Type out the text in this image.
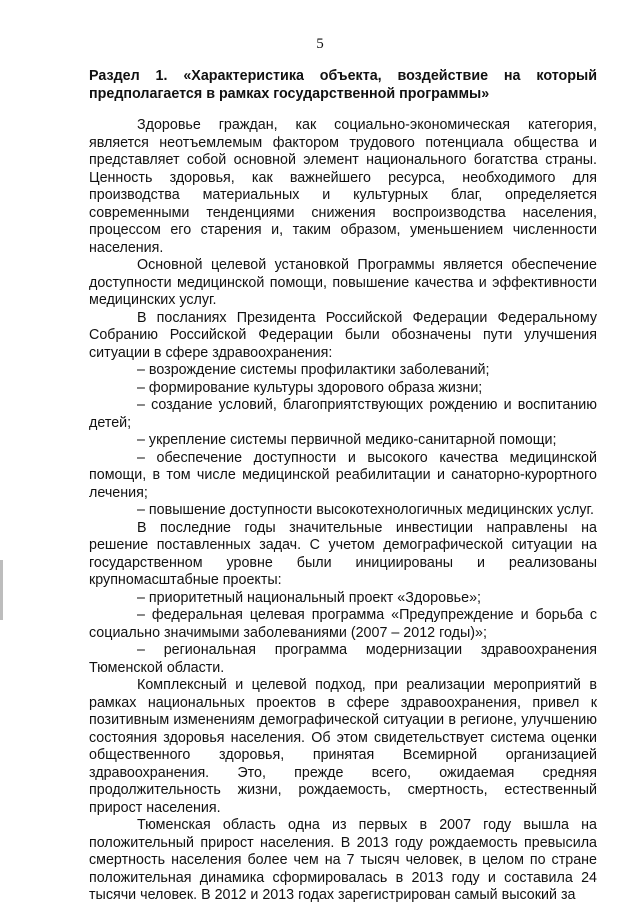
5
Раздел 1. «Характеристика объекта, воздействие на который предполагается в рамках государственной программы»

Здоровье граждан, как социально-экономическая категория, является неотъемлемым фактором трудового потенциала общества и представляет собой основной элемент национального богатства страны. Ценность здоровья, как важнейшего ресурса, необходимого для производства материальных и культурных благ, определяется современными тенденциями снижения воспроизводства населения, процессом его старения и, таким образом, уменьшением численности населения.

Основной целевой установкой Программы является обеспечение доступности медицинской помощи, повышение качества и эффективности медицинских услуг.

В посланиях Президента Российской Федерации Федеральному Собранию Российской Федерации были обозначены пути улучшения ситуации в сфере здравоохранения:

– возрождение системы профилактики заболеваний;

– формирование культуры здорового образа жизни;

– создание условий, благоприятствующих рождению и воспитанию детей;

– укрепление системы первичной медико-санитарной помощи;

– обеспечение доступности и высокого качества медицинской помощи, в том числе медицинской реабилитации и санаторно-курортного лечения;

– повышение доступности высокотехнологичных медицинских услуг.

В последние годы значительные инвестиции направлены на решение поставленных задач. С учетом демографической ситуации на государственном уровне были инициированы и реализованы крупномасштабные проекты:

– приоритетный национальный проект «Здоровье»;

– федеральная целевая программа «Предупреждение и борьба с социально значимыми заболеваниями (2007 – 2012 годы)»;

– региональная программа модернизации здравоохранения Тюменской области.

Комплексный и целевой подход, при реализации мероприятий в рамках национальных проектов в сфере здравоохранения, привел к позитивным изменениям демографической ситуации в регионе, улучшению состояния здоровья населения. Об этом свидетельствует система оценки общественного здоровья, принятая Всемирной организацией здравоохранения. Это, прежде всего, ожидаемая средняя продолжительность жизни, рождаемость, смертность, естественный прирост населения.

Тюменская область одна из первых в 2007 году вышла на положительный прирост населения. В 2013 году рождаемость превысила смертность населения более чем на 7 тысяч человек, в целом по стране положительная динамика сформировалась в 2013 году и составила 24 тысячи человек. В 2012 и 2013 годах зарегистрирован самый высокий за
